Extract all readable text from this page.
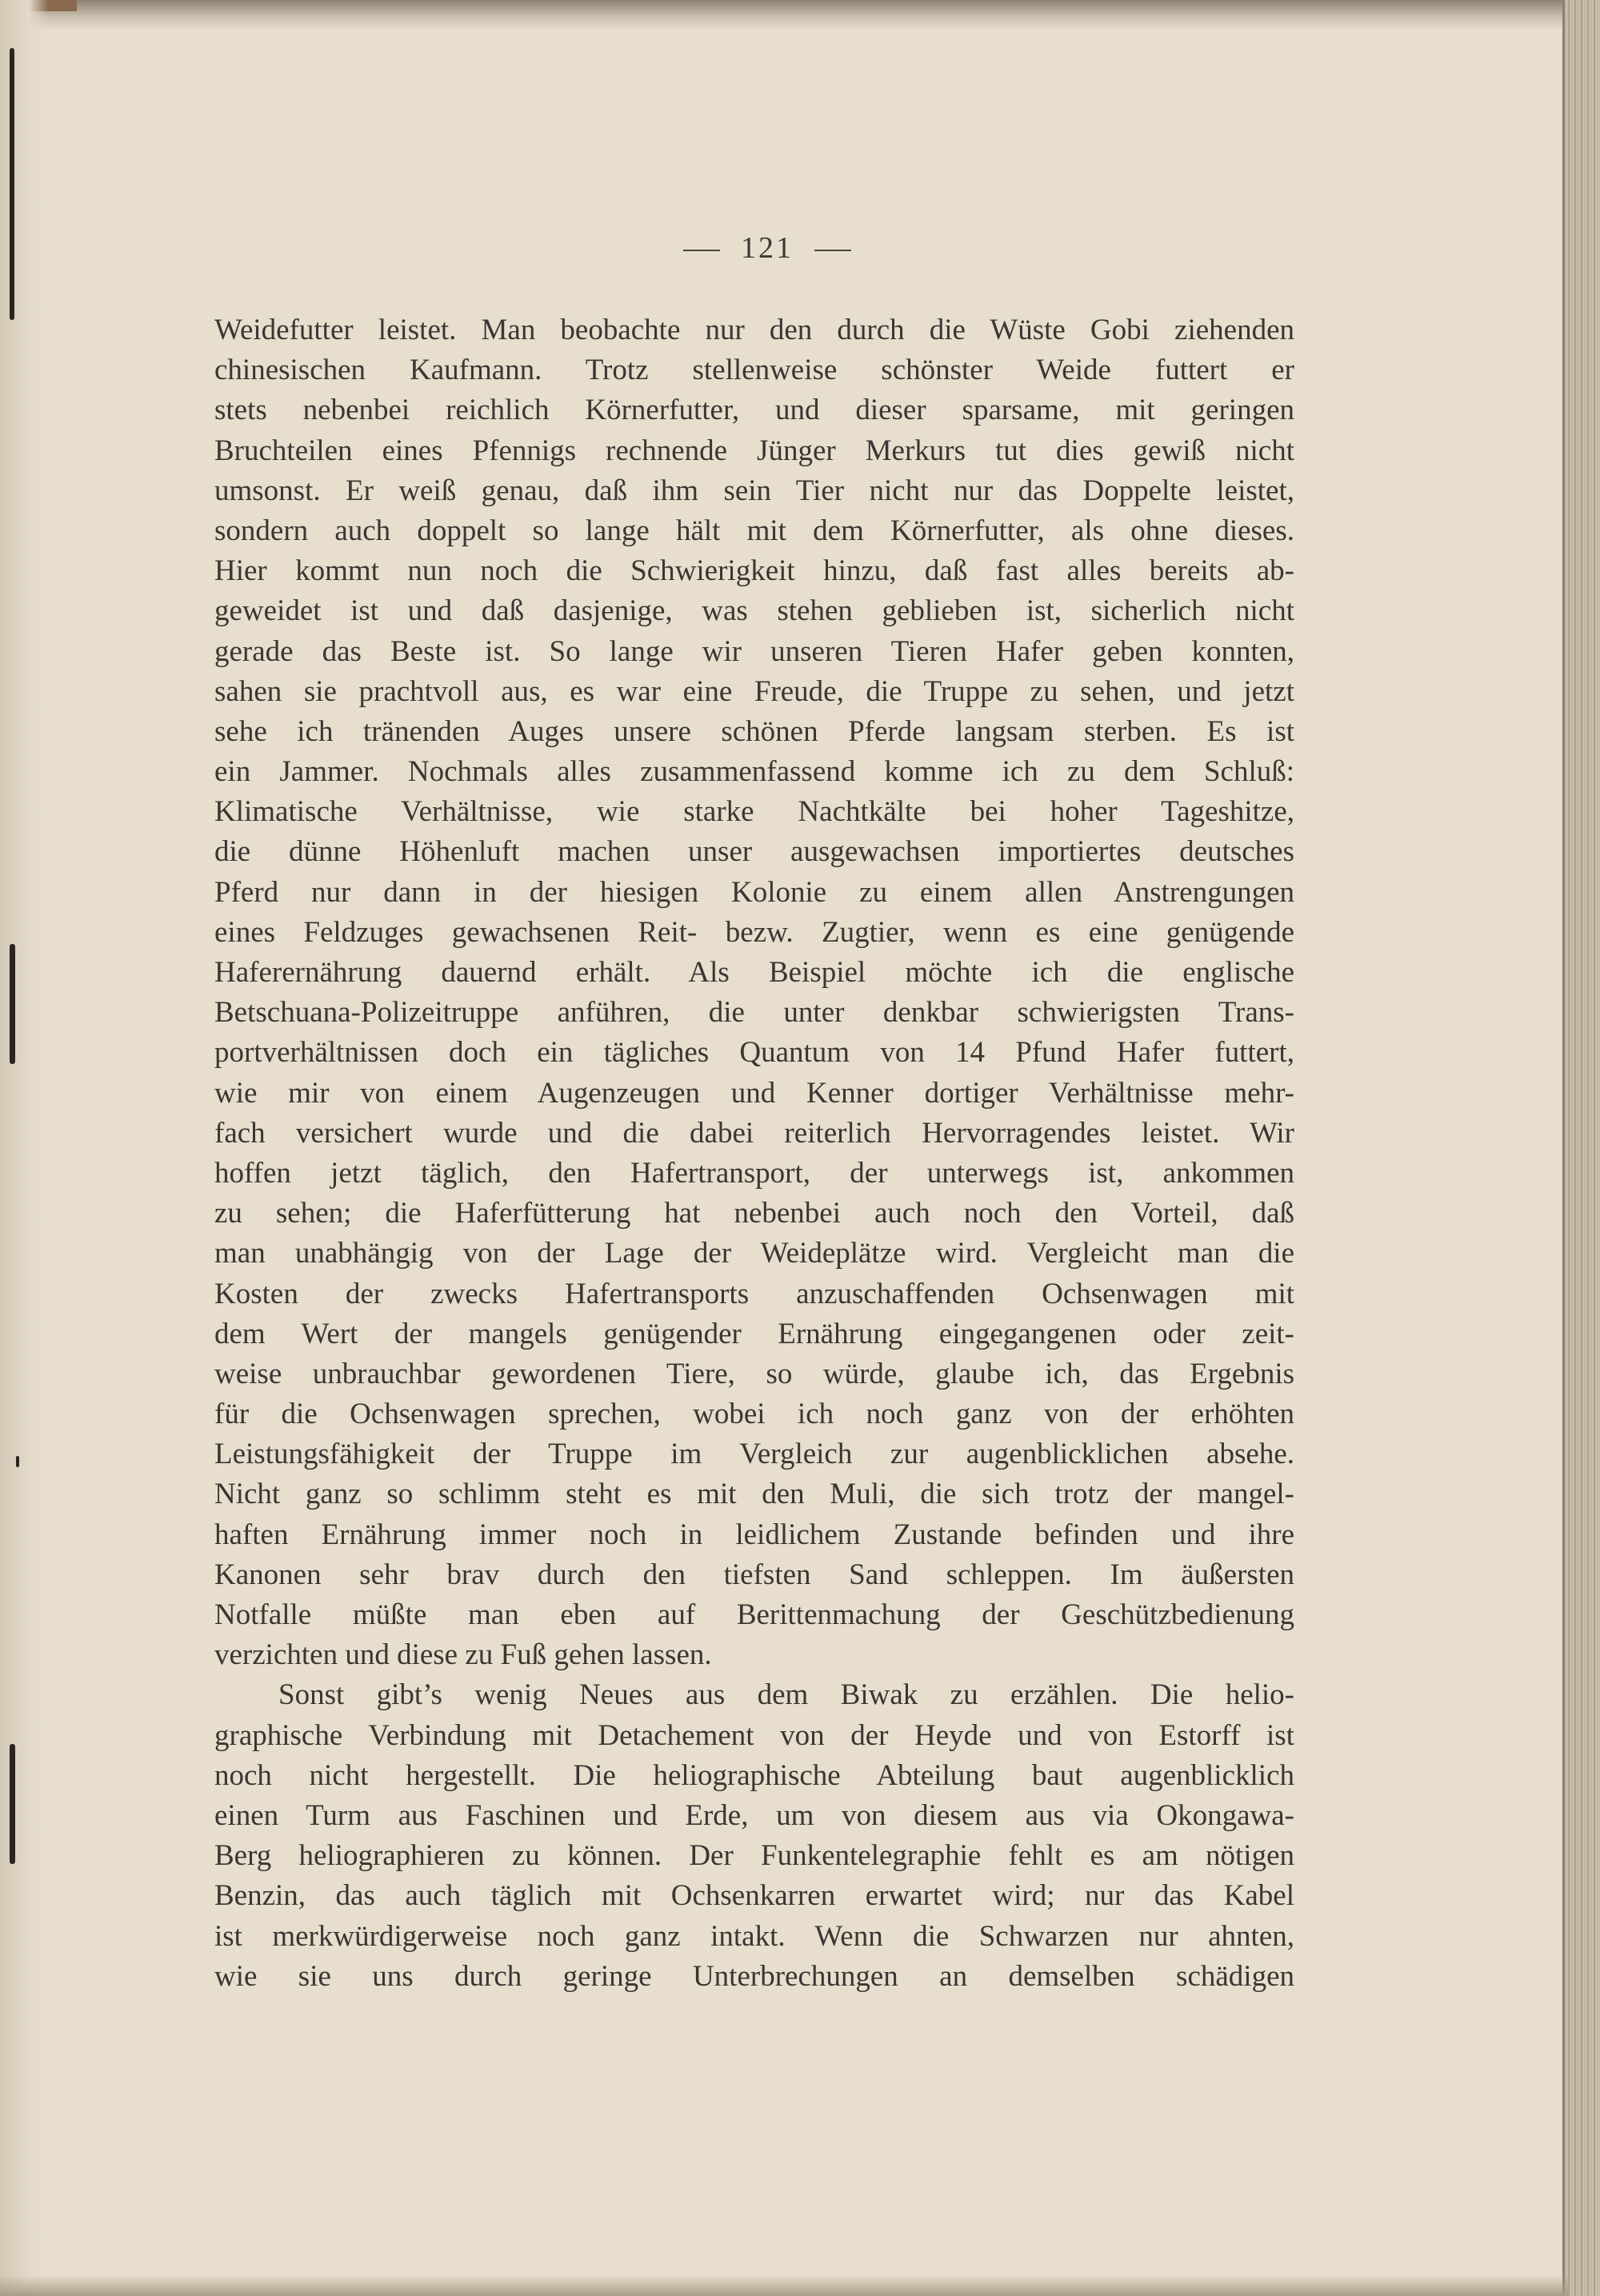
121
Weidefutter leistet. Man beobachte nur den durch die Wüste Gobi ziehenden
chinesischen Kaufmann. Trotz stellenweise schönster Weide futtert er
stets nebenbei reichlich Körnerfutter, und dieser sparsame, mit geringen
Bruchteilen eines Pfennigs rechnende Jünger Merkurs tut dies gewiß nicht
umsonst. Er weiß genau, daß ihm sein Tier nicht nur das Doppelte leistet,
sondern auch doppelt so lange hält mit dem Körnerfutter, als ohne dieses.
Hier kommt nun noch die Schwierigkeit hinzu, daß fast alles bereits ab-
geweidet ist und daß dasjenige, was stehen geblieben ist, sicherlich nicht
gerade das Beste ist. So lange wir unseren Tieren Hafer geben konnten,
sahen sie prachtvoll aus, es war eine Freude, die Truppe zu sehen, und jetzt
sehe ich tränenden Auges unsere schönen Pferde langsam sterben. Es ist
ein Jammer. Nochmals alles zusammenfassend komme ich zu dem Schluß:
Klimatische Verhältnisse, wie starke Nachtkälte bei hoher Tageshitze,
die dünne Höhenluft machen unser ausgewachsen importiertes deutsches
Pferd nur dann in der hiesigen Kolonie zu einem allen Anstrengungen
eines Feldzuges gewachsenen Reit- bezw. Zugtier, wenn es eine genügende
Haferernährung dauernd erhält. Als Beispiel möchte ich die englische
Betschuana-Polizeitruppe anführen, die unter denkbar schwierigsten Trans-
portverhältnissen doch ein tägliches Quantum von 14 Pfund Hafer futtert,
wie mir von einem Augenzeugen und Kenner dortiger Verhältnisse mehr-
fach versichert wurde und die dabei reiterlich Hervorragendes leistet. Wir
hoffen jetzt täglich, den Hafertransport, der unterwegs ist, ankommen
zu sehen; die Haferfütterung hat nebenbei auch noch den Vorteil, daß
man unabhängig von der Lage der Weideplätze wird. Vergleicht man die
Kosten der zwecks Hafertransports anzuschaffenden Ochsenwagen mit
dem Wert der mangels genügender Ernährung eingegangenen oder zeit-
weise unbrauchbar gewordenen Tiere, so würde, glaube ich, das Ergebnis
für die Ochsenwagen sprechen, wobei ich noch ganz von der erhöhten
Leistungsfähigkeit der Truppe im Vergleich zur augenblicklichen absehe.
Nicht ganz so schlimm steht es mit den Muli, die sich trotz der mangel-
haften Ernährung immer noch in leidlichem Zustande befinden und ihre
Kanonen sehr brav durch den tiefsten Sand schleppen. Im äußersten
Notfalle müßte man eben auf Berittenmachung der Geschützbedienung
verzichten und diese zu Fuß gehen lassen.
Sonst gibt’s wenig Neues aus dem Biwak zu erzählen. Die helio-
graphische Verbindung mit Detachement von der Heyde und von Estorff ist
noch nicht hergestellt. Die heliographische Abteilung baut augenblicklich
einen Turm aus Faschinen und Erde, um von diesem aus via Okongawa-
Berg heliographieren zu können. Der Funkentelegraphie fehlt es am nötigen
Benzin, das auch täglich mit Ochsenkarren erwartet wird; nur das Kabel
ist merkwürdigerweise noch ganz intakt. Wenn die Schwarzen nur ahnten,
wie sie uns durch geringe Unterbrechungen an demselben schädigen
